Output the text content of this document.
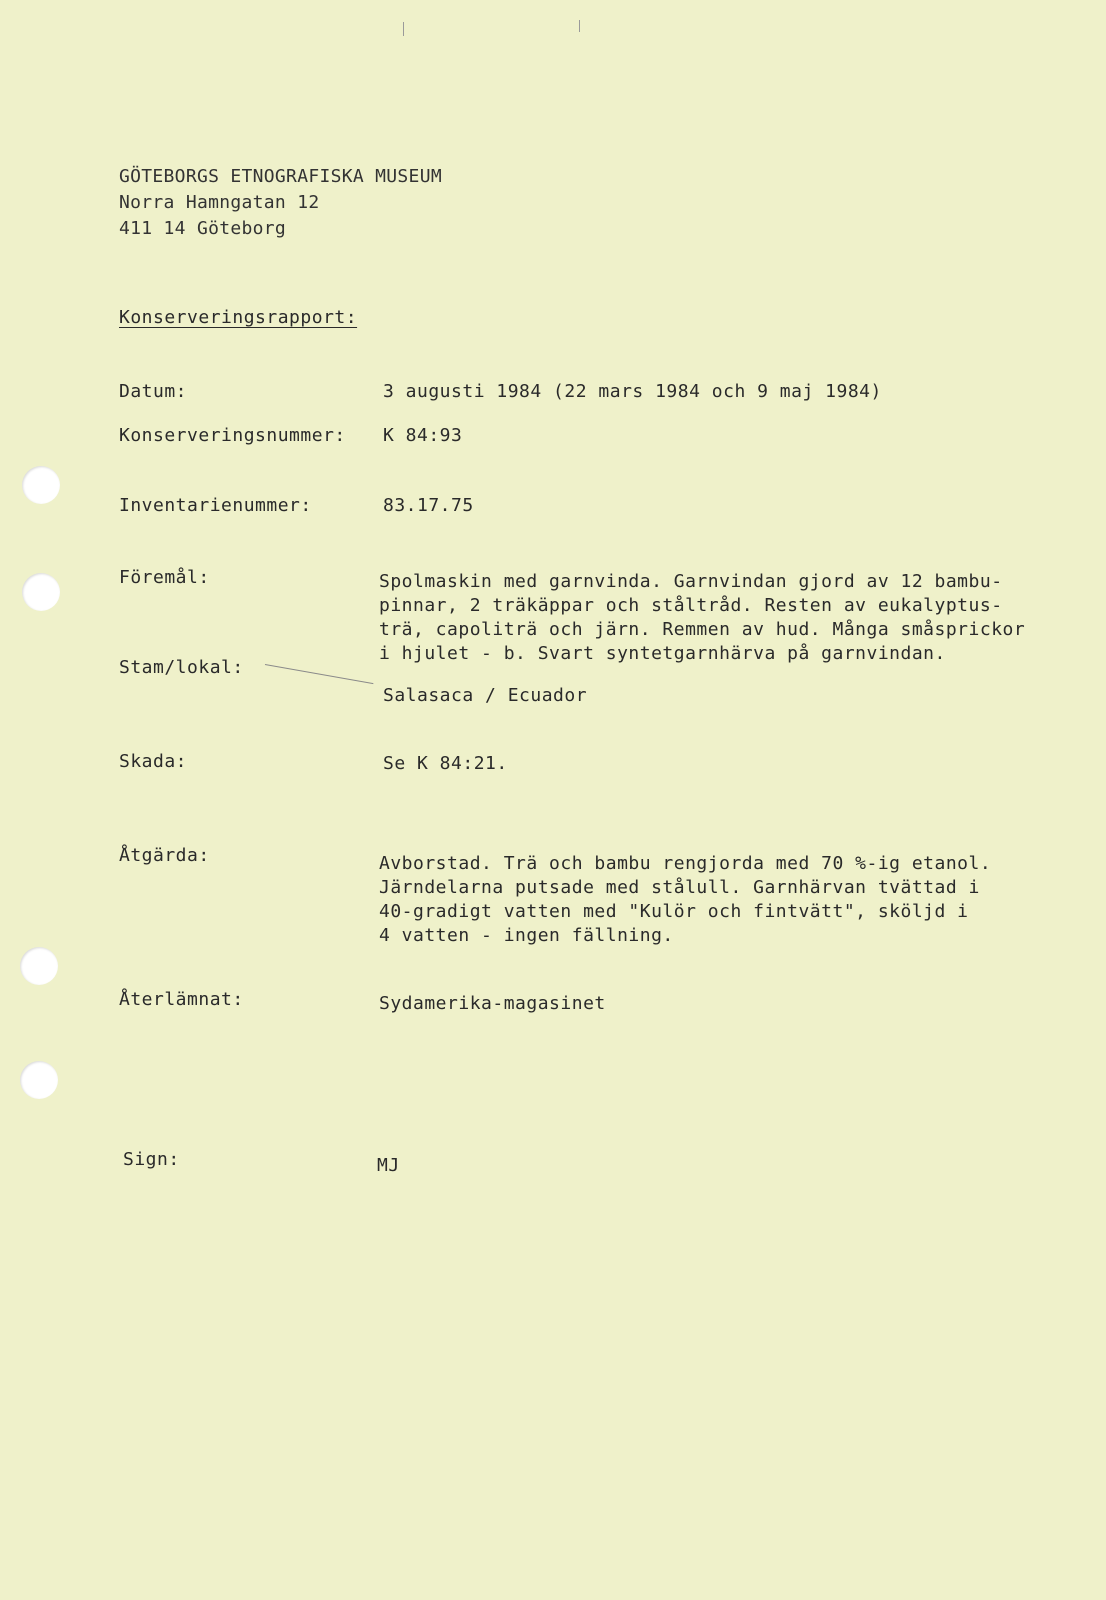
GÖTEBORGS ETNOGRAFISKA MUSEUM
Norra Hamngatan 12
411 14 Göteborg
Konserveringsrapport:
Datum:	3 augusti 1984 (22 mars 1984 och 9 maj 1984)
Konserveringsnummer: K 84:93
Inventarienummer:	83.17.75
Föremål:	Spolmaskin med garnvinda. Garnvindan gjord av 12 bambu-
pinnar, 2 träkäppar och ståltråd. Resten av eukalyptus-
trä, capoliträ och järn. Remmen av hud. Många småsprickor
i hjulet - b. Svart syntetgarnhärva på garnvindan.
Stam/lokal:
Salasaca / Ecuador
Skada:	Se K 84:21.
Åtgärda:	Avborstad. Trä och bambu rengjorda med 70 %-ig etanol.
Järndelarna putsade med stålull. Garnhärvan tvättad i
40-gradigt vatten med "Kulör och fintvätt", sköljd i
4 vatten - ingen fällning.
Återlämnat:	Sydamerika-magasinet
Sign:	MJ
